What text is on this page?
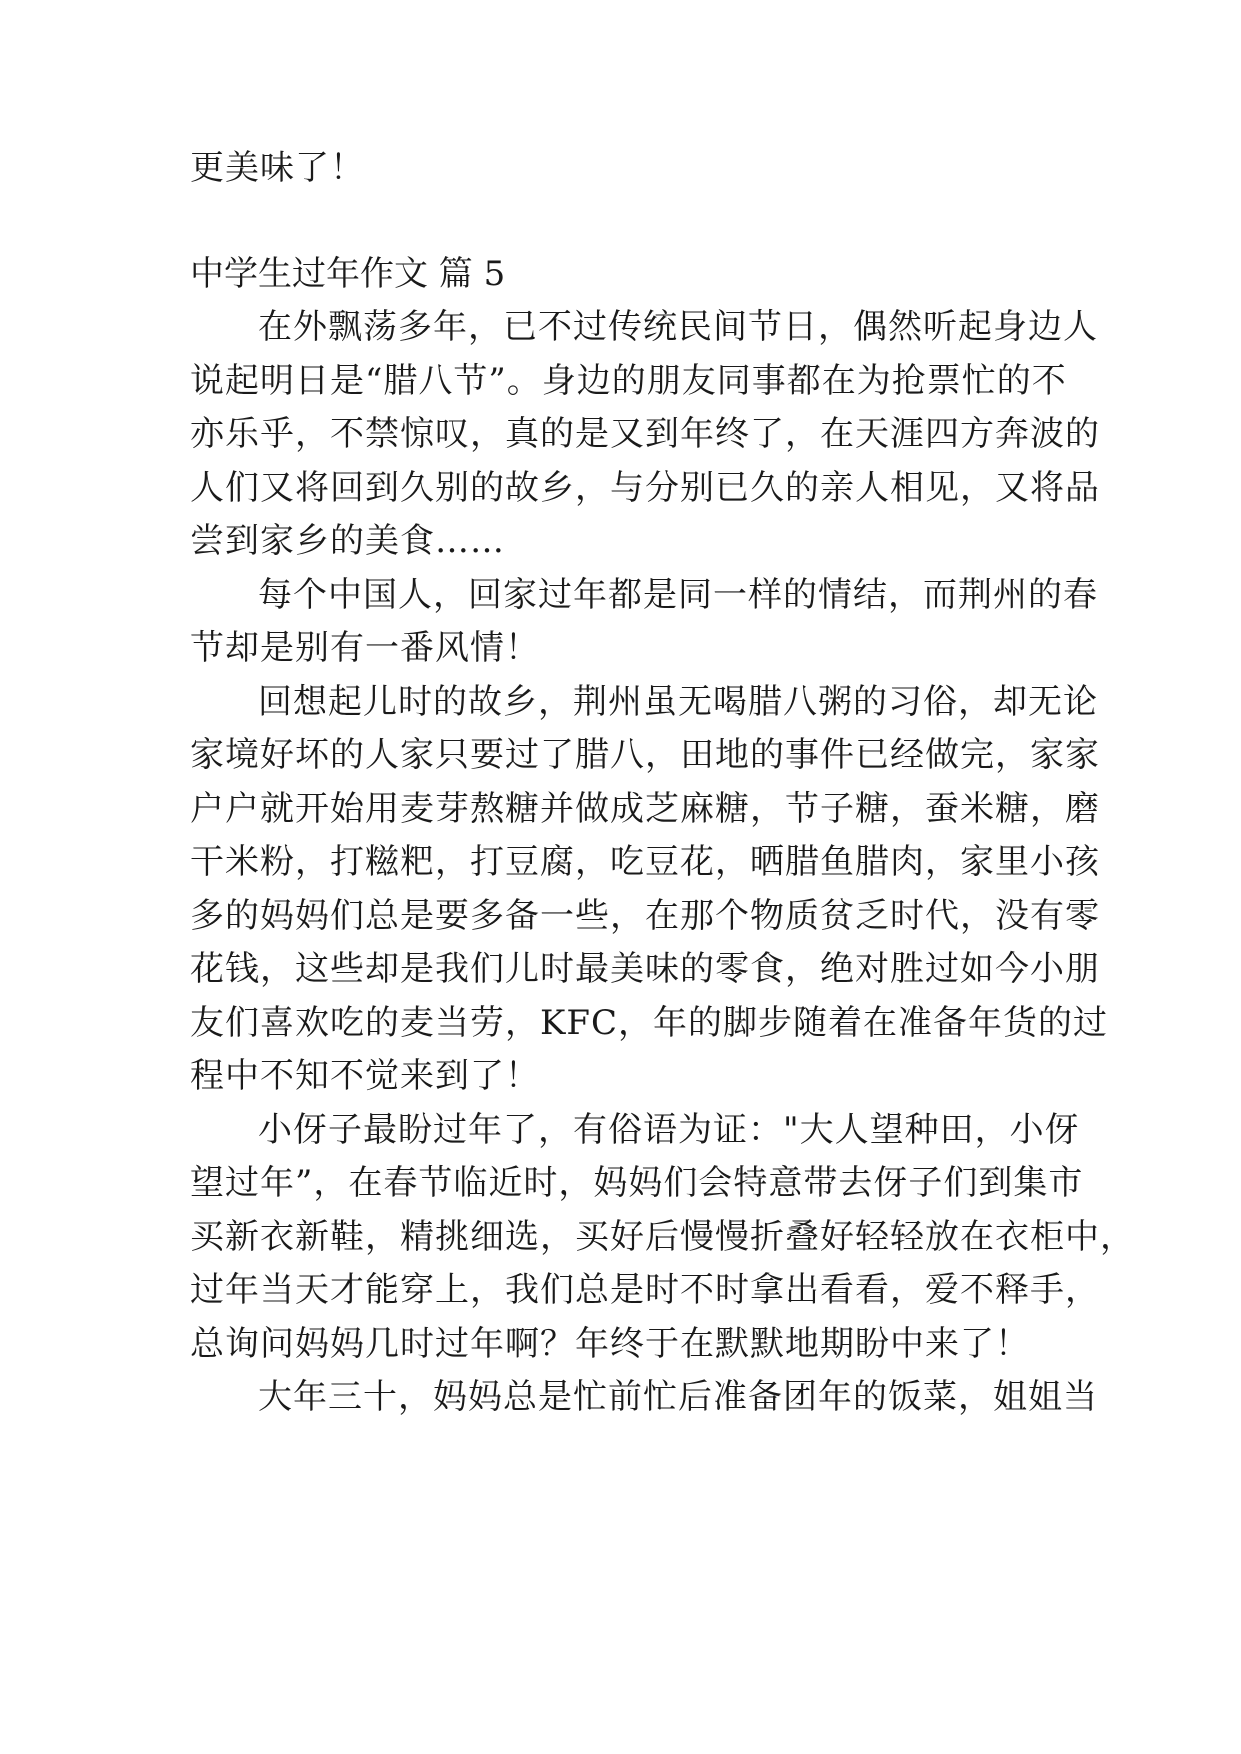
更美味了！
中学生过年作文 篇 5
在外飘荡多年，已不过传统民间节日，偶然听起身边人
说起明日是“腊八节”。身边的朋友同事都在为抢票忙的不
亦乐乎，不禁惊叹，真的是又到年终了，在天涯四方奔波的
人们又将回到久别的故乡，与分别已久的亲人相见，又将品
尝到家乡的美食……
每个中国人，回家过年都是同一样的情结，而荆州的春
节却是别有一番风情！
回想起儿时的故乡，荆州虽无喝腊八粥的习俗，却无论
家境好坏的人家只要过了腊八，田地的事件已经做完，家家
户户就开始用麦芽熬糖并做成芝麻糖，节子糖，蚕米糖，磨
干米粉，打糍粑，打豆腐，吃豆花，晒腊鱼腊肉，家里小孩
多的妈妈们总是要多备一些，在那个物质贫乏时代，没有零
花钱，这些却是我们儿时最美味的零食，绝对胜过如今小朋
友们喜欢吃的麦当劳，KFC，年的脚步随着在准备年货的过
程中不知不觉来到了！
小伢子最盼过年了，有俗语为证："大人望种田，小伢
望过年”，在春节临近时，妈妈们会特意带去伢子们到集市
买新衣新鞋，精挑细选，买好后慢慢折叠好轻轻放在衣柜中，
过年当天才能穿上，我们总是时不时拿出看看，爱不释手，
总询问妈妈几时过年啊？年终于在默默地期盼中来了！
大年三十，妈妈总是忙前忙后准备团年的饭菜，姐姐当
